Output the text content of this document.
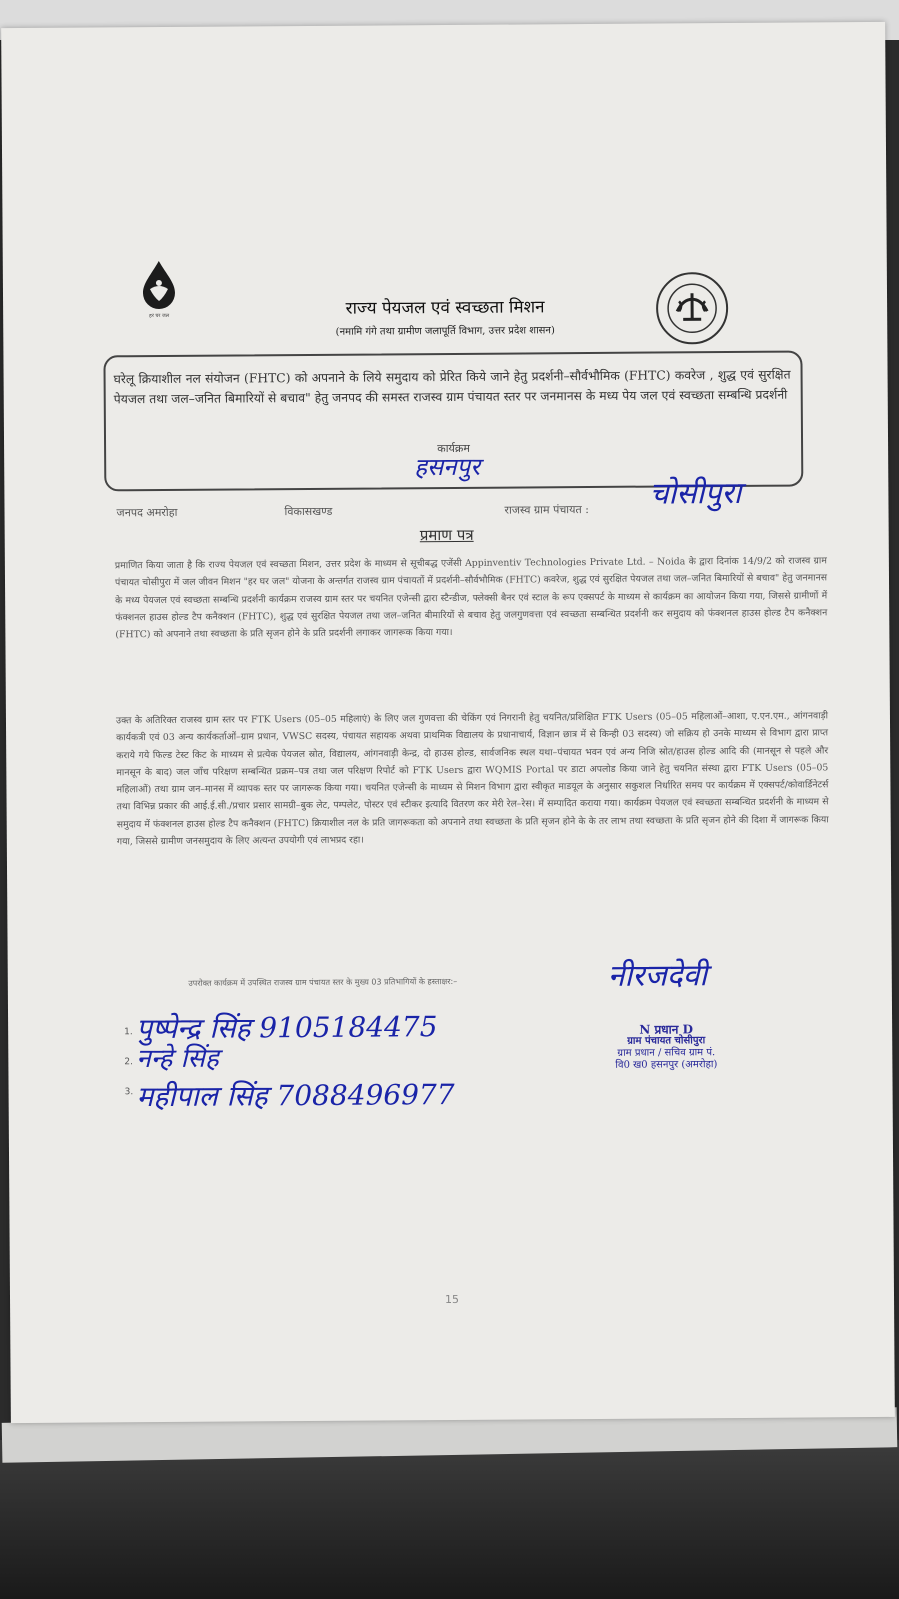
हर घर जल	राज्य पेयजल एवं स्वच्छता मिशन
(नमामि गंगे तथा ग्रामीण जलापूर्ति विभाग, उत्तर प्रदेश शासन)
घरेलू क्रियाशील नल संयोजन (FHTC) को अपनाने के लिये समुदाय को प्रेरित किये जाने हेतु प्रदर्शनी–सौर्वभौमिक (FHTC) कवरेज , शुद्ध एवं सुरक्षित पेयजल तथा जल–जनित बिमारियों से बचाव" हेतु जनपद की समस्त राजस्व ग्राम पंचायत स्तर पर जनमानस के मध्य पेय जल एवं स्वच्छता सम्बन्धि प्रदर्शनी
कार्यक्रम
जनपद अमरोहा	विकासखण्ड
हसनपुर
राजस्व ग्राम पंचायत : चोसीपुरा
प्रमाण पत्र
प्रमाणित किया जाता है कि राज्य पेयजल एवं स्वच्छता मिशन, उत्तर प्रदेश के माध्यम से सूचीबद्ध एजेंसी Appinventiv Technologies Private Ltd. – Noida के द्वारा दिनांक 14/9/2 को राजस्व ग्राम पंचायत चोसीपुरा में जल जीवन मिशन "हर घर जल" योजना के अन्तर्गत राजस्व ग्राम पंचायतों में प्रदर्शनी–सौर्वभौमिक (FHTC) कवरेज, शुद्ध एवं सुरक्षित पेयजल तथा जल–जनित बिमारियों से बचाव" हेतु जनमानस के मध्य पेयजल एवं स्वच्छता सम्बन्धि प्रदर्शनी कार्यक्रम राजस्व ग्राम स्तर पर चयनित एजेन्सी द्वारा स्टैन्डीज, फ्लेक्सी बैनर एवं स्टाल के रूप एक्सपर्ट के माध्यम से कार्यक्रम का आयोजन किया गया, जिससे ग्रामीणों में फंक्शनल हाउस होल्ड टैप कनैक्शन (FHTC), शुद्ध एवं सुरक्षित पेयजल तथा जल–जनित बीमारियों से बचाव हेतु जलगुणवत्ता एवं स्वच्छता सम्बन्धित प्रदर्शनी कर समुदाय को फंक्शनल हाउस होल्ड टैप कनैक्शन (FHTC) को अपनाने तथा स्वच्छता के प्रति सृजन होने के प्रति प्रदर्शनी लगाकर जागरूक किया गया।
उक्त के अतिरिक्त राजस्व ग्राम स्तर पर FTK Users (05–05 महिलाएं) के लिए जल गुणवत्ता की चेकिंग एवं निगरानी हेतु चयनित/प्रशिक्षित FTK Users (05–05 महिलाओं–आशा, ए.एन.एम., आंगनवाड़ी कार्यकत्री एवं 03 अन्य कार्यकर्ताओं–ग्राम प्रधान, VWSC सदस्य, पंचायत सहायक अथवा प्राथमिक विद्यालय के प्रधानाचार्य, विज्ञान छात्र में से किन्ही 03 सदस्य) जो सक्रिय हो उनके माध्यम से विभाग द्वारा प्राप्त कराये गये फिल्ड टेस्ट किट के माध्यम से प्रत्येक पेयजल स्रोत, विद्यालय, आंगनवाड़ी केन्द्र, दो हाउस होल्ड, सार्वजनिक स्थल यथा–पंचायत भवन एवं अन्य निजि स्रोत/हाउस होल्ड आदि की (मानसून से पहले और मानसून के बाद) जल जाँच परिक्षण सम्बन्धित प्रक्रम–पत्र तथा जल परिक्षण रिपोर्ट को FTK Users द्वारा WQMIS Portal पर डाटा अपलोड किया जाने हेतु चयनित संस्था द्वारा FTK Users (05–05 महिलाओं) तथा ग्राम जन–मानस में व्यापक स्तर पर जागरूक किया गया। चयनित एजेन्सी के माध्यम से मिशन विभाग द्वारा स्वीकृत माडयूल के अनुसार सकुशल निर्धारित समय पर कार्यक्रम में एक्सपर्ट/कोवार्डिनेटर्स तथा विभिन्न प्रकार की आई.ई.सी./प्रचार प्रसार सामग्री–बुक लेट, पम्पलेट, पोस्टर एवं स्टीकर इत्यादि वितरण कर मेरी रेल–रेस। में सम्पादित कराया गया। कार्यक्रम पेयजल एवं स्वच्छता सम्बन्धित प्रदर्शनी के माध्यम से समुदाय में फंक्शनल हाउस होल्ड टैप कनैक्शन (FHTC) क्रियाशील नल के प्रति जागरूकता को अपनाने तथा स्वच्छता के प्रति सृजन होने के के तर लाभ तथा स्वच्छता के प्रति सृजन होने की दिशा में जागरूक किया गया, जिससे ग्रामीण जनसमुदाय के लिए अत्यन्त उपयोगी एवं लाभप्रद रहा।
उपरोक्त कार्यक्रम में उपस्थित राजस्व ग्राम पंचायत स्तर के मुख्य 03 प्रतिभागियों के हस्ताक्षर:–
1. पुष्पेन्द्र सिंह 9105184475
2. नन्हे सिंह
3. महीपाल सिंह 7088496977
नीरजदेवी
N प्रधान D
ग्राम पंचायत चोसीपुरा
ग्राम प्रधान / सचिव ग्राम पं.
वि0 ख0 हसनपुर (अमरोहा)
15
